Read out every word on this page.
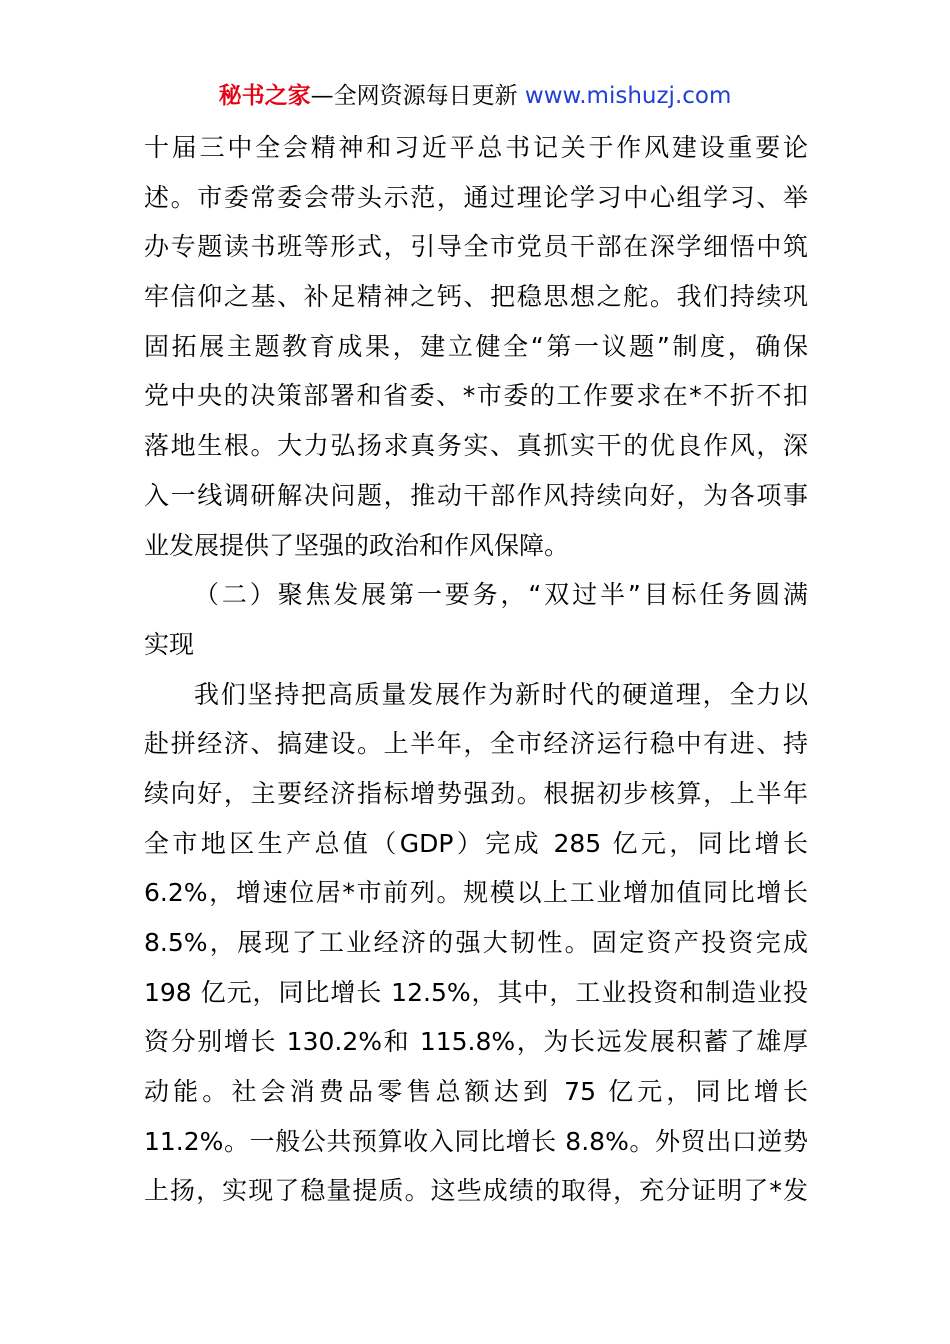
秘书之家—全网资源每日更新 www.mishuzj.com
十届三中全会精神和习近平总书记关于作风建设重要论
述。市委常委会带头示范，通过理论学习中心组学习、举
办专题读书班等形式，引导全市党员干部在深学细悟中筑
牢信仰之基、补足精神之钙、把稳思想之舵。我们持续巩
固拓展主题教育成果，建立健全“第一议题”制度，确保
党中央的决策部署和省委、*市委的工作要求在*不折不扣
落地生根。大力弘扬求真务实、真抓实干的优良作风，深
入一线调研解决问题，推动干部作风持续向好，为各项事
业发展提供了坚强的政治和作风保障。
（二）聚焦发展第一要务，“双过半”目标任务圆满
实现
我们坚持把高质量发展作为新时代的硬道理，全力以
赴拼经济、搞建设。上半年，全市经济运行稳中有进、持
续向好，主要经济指标增势强劲。根据初步核算，上半年
全市地区生产总值（GDP）完成 285 亿元，同比增长
6.2%，增速位居*市前列。规模以上工业增加值同比增长
8.5%，展现了工业经济的强大韧性。固定资产投资完成
198 亿元，同比增长 12.5%，其中，工业投资和制造业投
资分别增长 130.2%和 115.8%，为长远发展积蓄了雄厚
动能。社会消费品零售总额达到 75 亿元，同比增长
11.2%。一般公共预算收入同比增长 8.8%。外贸出口逆势
上扬，实现了稳量提质。这些成绩的取得，充分证明了*发
